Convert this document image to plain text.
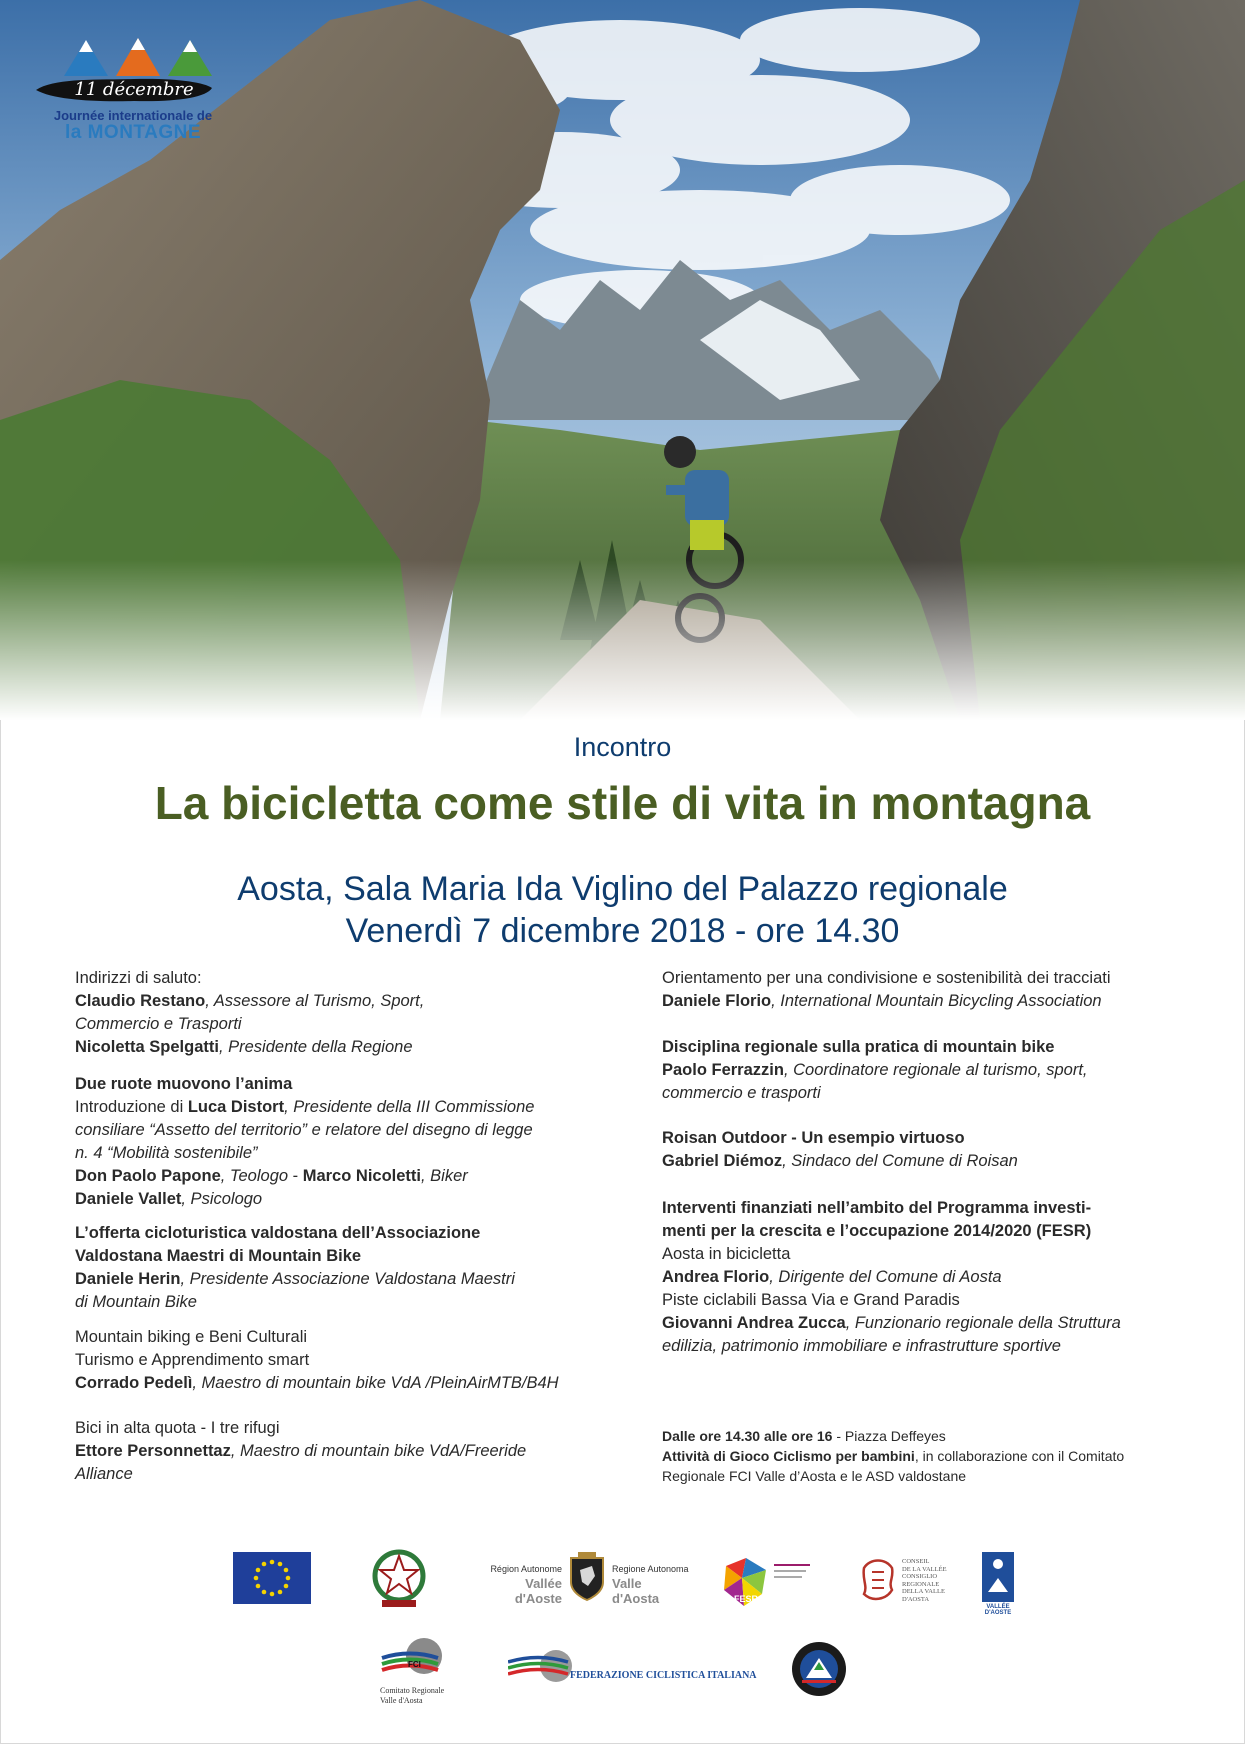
11 décembre
Journée internationale de
la MONTAGNE
Incontro
La bicicletta come stile di vita in montagna
Aosta, Sala Maria Ida Viglino del Palazzo regionale
Venerdì 7 dicembre 2018 - ore 14.30
Indirizzi di saluto:
Claudio Restano, Assessore al Turismo, Sport,
Commercio e Trasporti
Nicoletta Spelgatti, Presidente della Regione
Due ruote muovono l’anima
Introduzione di Luca Distort, Presidente della III Commissione
consiliare “Assetto del territorio” e relatore del disegno di legge
n. 4 “Mobilità sostenibile”
Don Paolo Papone, Teologo - Marco Nicoletti, Biker
Daniele Vallet, Psicologo
L’offerta cicloturistica valdostana dell’Associazione
Valdostana Maestri di Mountain Bike
Daniele Herin, Presidente Associazione Valdostana Maestri
di Mountain Bike
Mountain biking e Beni Culturali
Turismo e Apprendimento smart
Corrado Pedelì, Maestro di mountain bike VdA /PleinAirMTB/B4H
Bici in alta quota - I tre rifugi
Ettore Personnettaz, Maestro di mountain bike VdA/Freeride
Alliance
Orientamento per una condivisione e sostenibilità dei tracciati
Daniele Florio, International Mountain Bicycling Association
Disciplina regionale sulla pratica di mountain bike
Paolo Ferrazzin, Coordinatore regionale al turismo, sport,
commercio e trasporti
Roisan Outdoor - Un esempio virtuoso
Gabriel Diémoz, Sindaco del Comune di Roisan
Interventi finanziati nell’ambito del Programma investi-
menti per la crescita e l’occupazione 2014/2020 (FESR)
Aosta in bicicletta
Andrea Florio, Dirigente del Comune di Aosta
Piste ciclabili Bassa Via e Grand Paradis
Giovanni Andrea Zucca, Funzionario regionale della Struttura
edilizia, patrimonio immobiliare e infrastrutture sportive
Dalle ore 14.30 alle ore 16 - Piazza Deffeyes
Attività di Gioco Ciclismo per bambini, in collaborazione con il Comitato
Regionale FCI Valle d’Aosta e le ASD valdostane
Région Autonome
Vallée d'Aoste
Regione Autonoma
Valle d'Aosta	FESR
CONSEIL
DE LA VALLÉE
CONSIGLIO
REGIONALE
DELLA VALLE
D'AOSTA
VALLÉE D'AOSTE
FCI
Comitato Regionale
Valle d'Aosta
FEDERAZIONE CICLISTICA ITALIANA
